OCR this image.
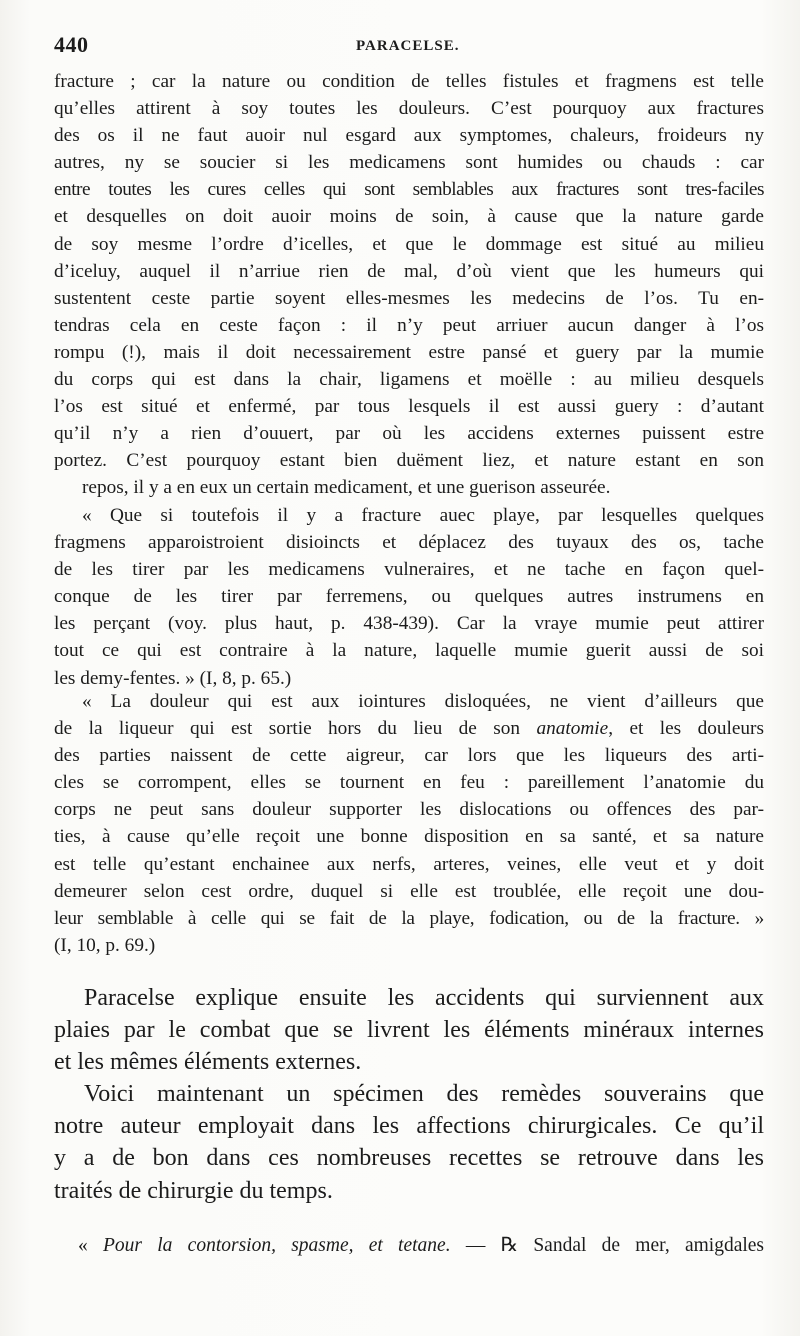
440	PARACELSE.
fracture ; car la nature ou condition de telles fistules et fragmens est telle
qu’elles attirent à soy toutes les douleurs. C’est pourquoy aux fractures
des os il ne faut auoir nul esgard aux symptomes, chaleurs, froideurs ny
autres, ny se soucier si les medicamens sont humides ou chauds : car
entre toutes les cures celles qui sont semblables aux fractures sont tres-faciles
et desquelles on doit auoir moins de soin, à cause que la nature garde
de soy mesme l’ordre d’icelles, et que le dommage est situé au milieu
d’iceluy, auquel il n’arriue rien de mal, d’où vient que les humeurs qui
sustentent ceste partie soyent elles-mesmes les medecins de l’os. Tu en-
tendras cela en ceste façon : il n’y peut arriuer aucun danger à l’os
rompu (!), mais il doit necessairement estre pansé et guery par la mumie
du corps qui est dans la chair, ligamens et moëlle : au milieu desquels
l’os est situé et enfermé, par tous lesquels il est aussi guery : d’autant
qu’il n’y a rien d’ouuert, par où les accidens externes puissent estre
portez. C’est pourquoy estant bien duëment liez, et nature estant en son
repos, il y a en eux un certain medicament, et une guerison asseurée.
« Que si toutefois il y a fracture auec playe, par lesquelles quelques
fragmens apparoistroient disioincts et déplacez des tuyaux des os, tache
de les tirer par les medicamens vulneraires, et ne tache en façon quel-
conque de les tirer par ferremens, ou quelques autres instrumens en
les perçant (voy. plus haut, p. 438-439). Car la vraye mumie peut attirer
tout ce qui est contraire à la nature, laquelle mumie guerit aussi de soi
les demy-fentes. » (I, 8, p. 65.)
« La douleur qui est aux iointures disloquées, ne vient d’ailleurs que
de la liqueur qui est sortie hors du lieu de son anatomie, et les douleurs
des parties naissent de cette aigreur, car lors que les liqueurs des arti-
cles se corrompent, elles se tournent en feu : pareillement l’anatomie du
corps ne peut sans douleur supporter les dislocations ou offences des par-
ties, à cause qu’elle reçoit une bonne disposition en sa santé, et sa nature
est telle qu’estant enchainee aux nerfs, arteres, veines, elle veut et y doit
demeurer selon cest ordre, duquel si elle est troublée, elle reçoit une dou-
leur semblable à celle qui se fait de la playe, fodication, ou de la fracture. »
(I, 10, p. 69.)
Paracelse explique ensuite les accidents qui surviennent aux
plaies par le combat que se livrent les éléments minéraux internes
et les mêmes éléments externes.
Voici maintenant un spécimen des remèdes souverains que
notre auteur employait dans les affections chirurgicales. Ce qu’il
y a de bon dans ces nombreuses recettes se retrouve dans les
traités de chirurgie du temps.
« Pour la contorsion, spasme, et tetane. — ℞ Sandal de mer, amigdales
